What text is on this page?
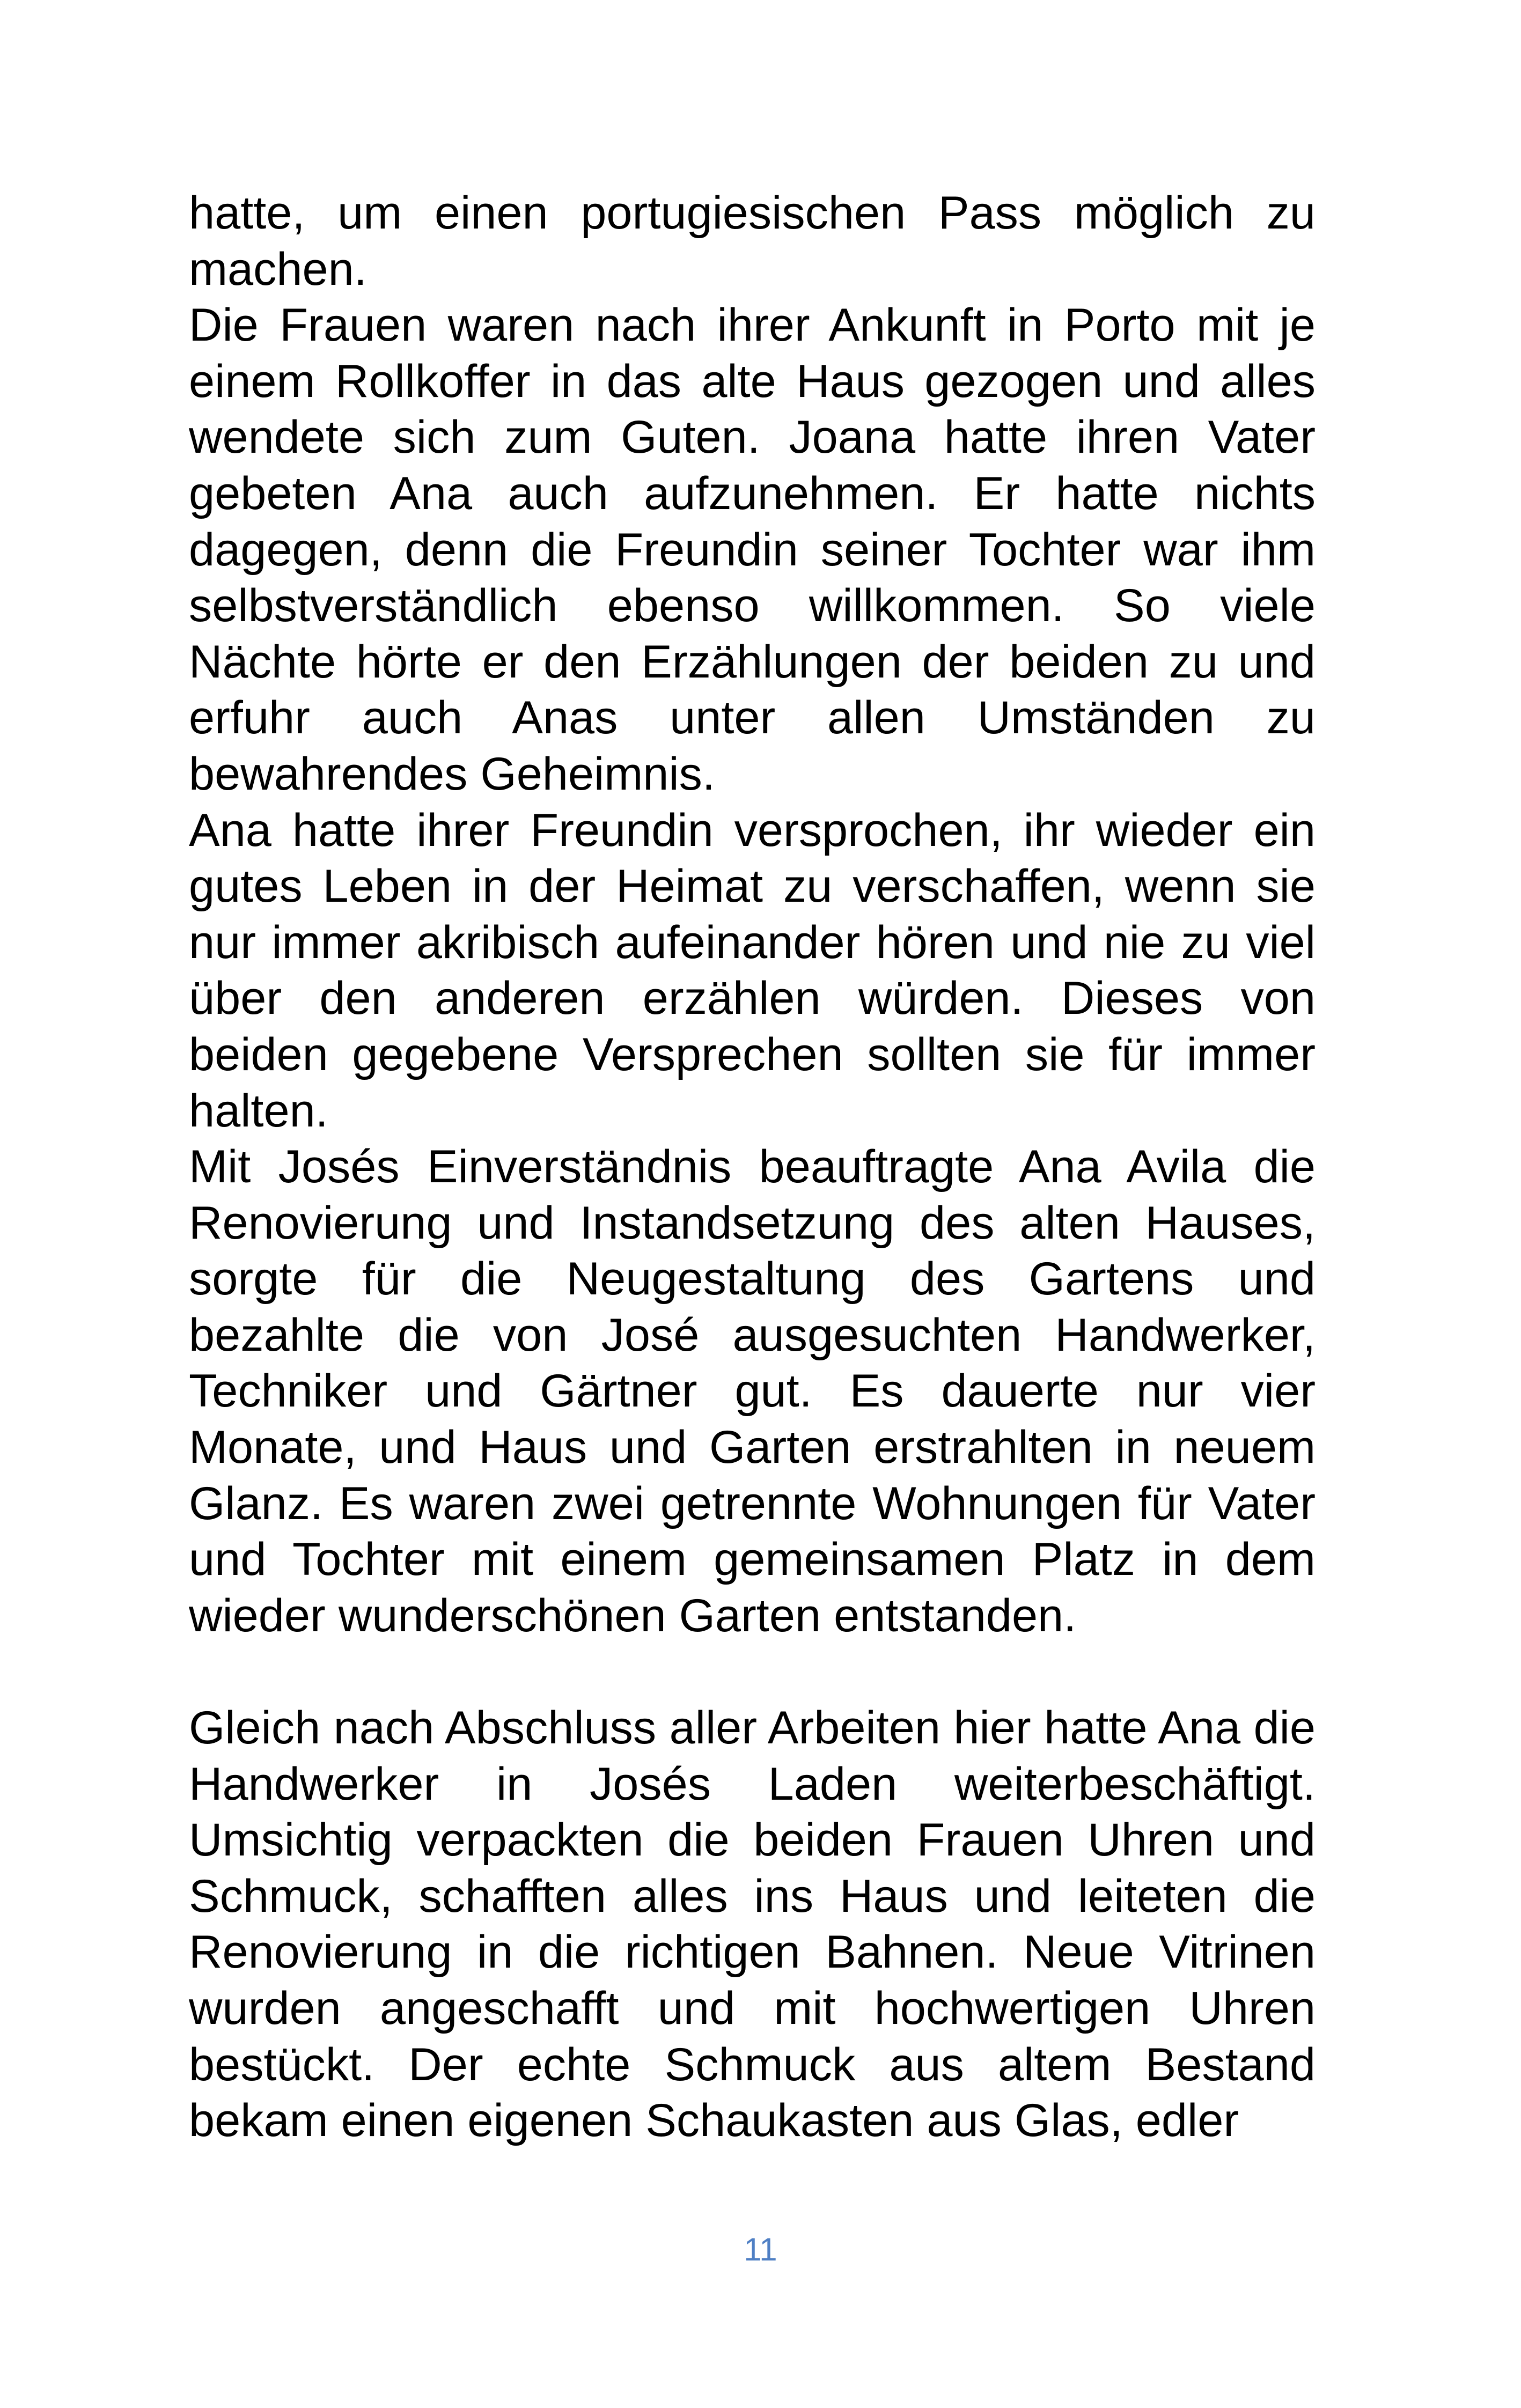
hatte, um einen portugiesischen Pass möglich zu machen.

Die Frauen waren nach ihrer Ankunft in Porto mit je einem Rollkoffer in das alte Haus gezogen und alles wendete sich zum Guten. Joana hatte ihren Vater gebeten Ana auch aufzunehmen. Er hatte nichts dagegen, denn die Freundin seiner Tochter war ihm selbstverständlich ebenso willkommen. So viele Nächte hörte er den Erzählungen der beiden zu und erfuhr auch Anas unter allen Umständen zu bewahrendes Geheimnis.

Ana hatte ihrer Freundin versprochen, ihr wieder ein gutes Leben in der Heimat zu verschaffen, wenn sie nur immer akribisch aufeinander hören und nie zu viel über den anderen erzählen würden. Dieses von beiden gegebene Versprechen sollten sie für immer halten.

Mit Josés Einverständnis beauftragte Ana Avila die Renovierung und Instandsetzung des alten Hauses, sorgte für die Neugestaltung des Gartens und bezahlte die von José ausgesuchten Handwerker, Techniker und Gärtner gut. Es dauerte nur vier Monate, und Haus und Garten erstrahlten in neuem Glanz. Es waren zwei getrennte Wohnungen für Vater und Tochter mit einem gemeinsamen Platz in dem wieder wunderschönen Garten entstanden.

Gleich nach Abschluss aller Arbeiten hier hatte Ana die Handwerker in Josés Laden weiterbeschäftigt. Umsichtig verpackten die beiden Frauen Uhren und Schmuck, schafften alles ins Haus und leiteten die Renovierung in die richtigen Bahnen. Neue Vitrinen wurden angeschafft und mit hochwertigen Uhren bestückt. Der echte Schmuck aus altem Bestand bekam einen eigenen Schaukasten aus Glas, edler

11
